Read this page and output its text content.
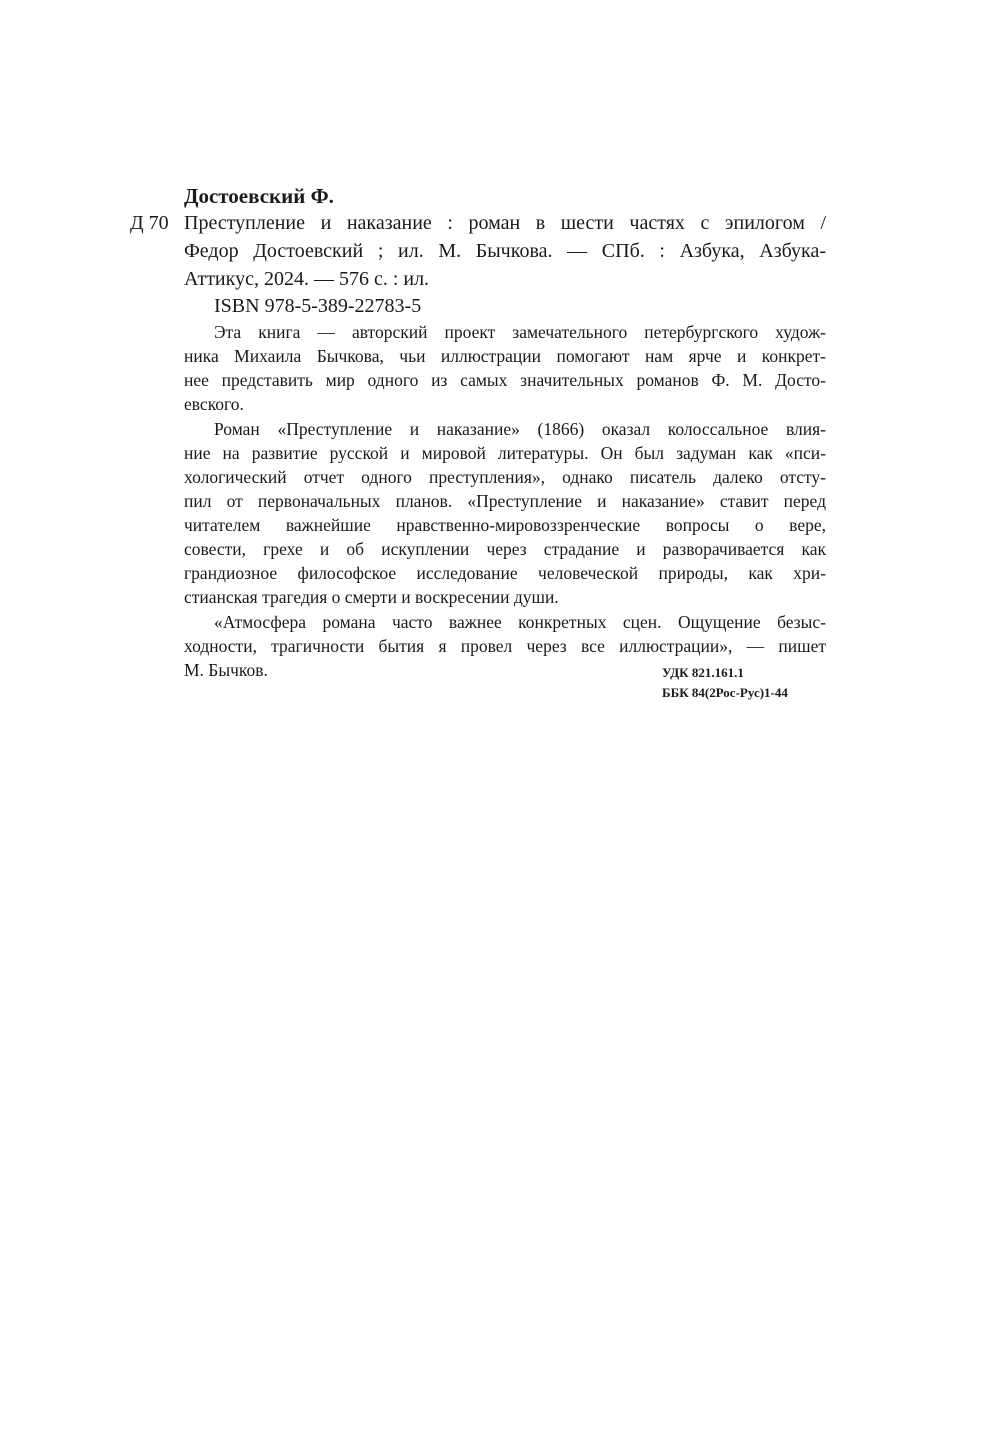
Достоевский Ф.
Д 70 Преступление и наказание : роман в шести частях с эпилогом /
Федор Достоевский ; ил. М. Бычкова. — СПб. : Азбука, Азбука-
Аттикус, 2024. — 576 с. : ил.
ISBN 978-5-389-22783-5
Эта книга — авторский проект замечательного петербургского худож-
ника Михаила Бычкова, чьи иллюстрации помогают нам ярче и конкрет-
нее представить мир одного из самых значительных романов Ф. М. Досто-
евского.
Роман «Преступление и наказание» (1866) оказал колоссальное влия-
ние на развитие русской и мировой литературы. Он был задуман как «пси-
хологический отчет одного преступления», однако писатель далеко отсту-
пил от первоначальных планов. «Преступление и наказание» ставит перед
читателем важнейшие нравственно-мировоззренческие вопросы о вере,
совести, грехе и об искуплении через страдание и разворачивается как
грандиозное философское исследование человеческой природы, как хри-
стианская трагедия о смерти и воскресении души.
«Атмосфера романа часто важнее конкретных сцен. Ощущение безыс-
ходности, трагичности бытия я провел через все иллюстрации», — пишет
М. Бычков.	УДК 821.161.1
ББК 84(2Рос-Рус)1-44
